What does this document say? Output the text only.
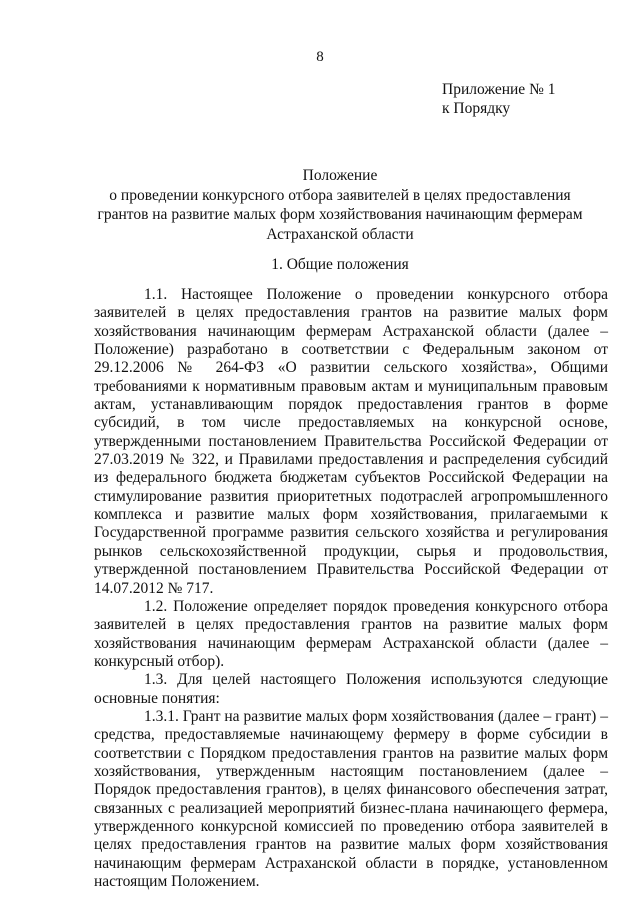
8
Приложение № 1
к Порядку
Положение
о проведении конкурсного отбора заявителей в целях предоставления
грантов на развитие малых форм хозяйствования начинающим фермерам
Астраханской области
1. Общие положения

1.1. Настоящее Положение о проведении конкурсного отбора заявителей в целях предоставления грантов на развитие малых форм хозяйствования начинающим фермерам Астраханской области (далее – Положение) разработано в соответствии с Федеральным законом от 29.12.2006 № 264-ФЗ «О развитии сельского хозяйства», Общими требованиями к нормативным правовым актам и муниципальным правовым актам, устанавливающим порядок предоставления грантов в форме субсидий, в том числе предоставляемых на конкурсной основе, утвержденными постановлением Правительства Российской Федерации от 27.03.2019 № 322, и Правилами предоставления и распределения субсидий из федерального бюджета бюджетам субъектов Российской Федерации на стимулирование развития приоритетных подотраслей агропромышленного комплекса и развитие малых форм хозяйствования, прилагаемыми к Государственной программе развития сельского хозяйства и регулирования рынков сельскохозяйственной продукции, сырья и продовольствия, утвержденной постановлением Правительства Российской Федерации от 14.07.2012 № 717.

1.2. Положение определяет порядок проведения конкурсного отбора заявителей в целях предоставления грантов на развитие малых форм хозяйствования начинающим фермерам Астраханской области (далее – конкурсный отбор).

1.3. Для целей настоящего Положения используются следующие основные понятия:

1.3.1. Грант на развитие малых форм хозяйствования (далее – грант) – средства, предоставляемые начинающему фермеру в форме субсидии в соответствии с Порядком предоставления грантов на развитие малых форм хозяйствования, утвержденным настоящим постановлением (далее – Порядок предоставления грантов), в целях финансового обеспечения затрат, связанных с реализацией мероприятий бизнес-плана начинающего фермера, утвержденного конкурсной комиссией по проведению отбора заявителей в целях предоставления грантов на развитие малых форм хозяйствования начинающим фермерам Астраханской области в порядке, установленном настоящим Положением.
